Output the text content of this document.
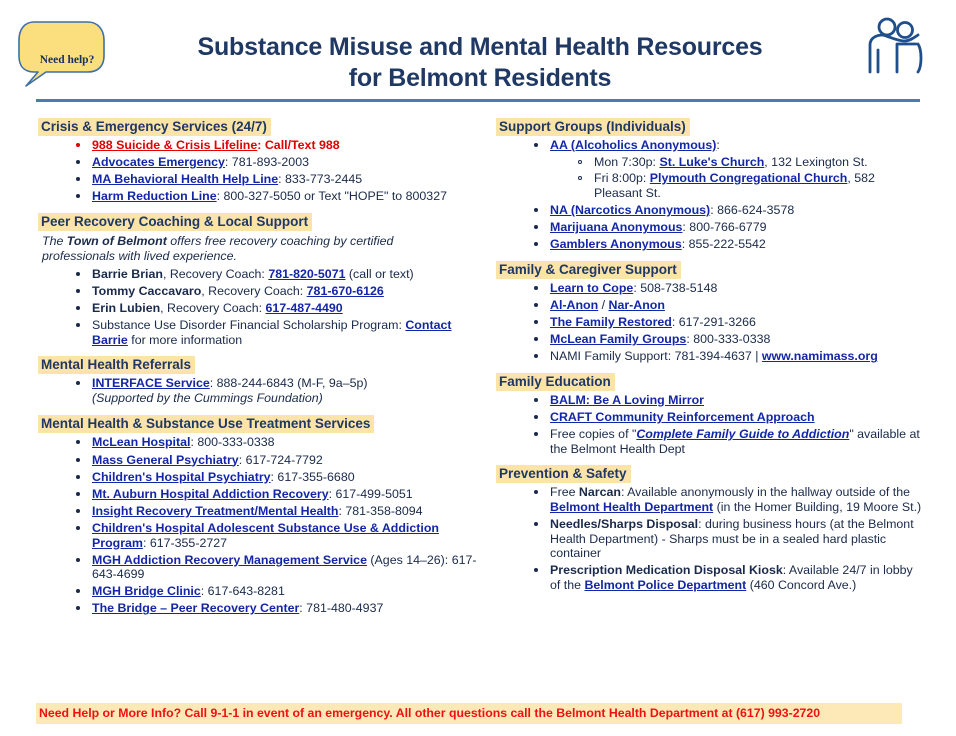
Need help?	Substance Misuse and Mental Health Resources
for Belmont Residents
Crisis & Emergency Services (24/7)
988 Suicide & Crisis Lifeline: Call/Text 988
Advocates Emergency: 781-893-2003
MA Behavioral Health Help Line: 833-773-2445
Harm Reduction Line: 800-327-5050 or Text "HOPE" to 800327
Peer Recovery Coaching & Local Support
The Town of Belmont offers free recovery coaching by certified professionals with lived experience.
Barrie Brian, Recovery Coach: 781-820-5071 (call or text)
Tommy Caccavaro, Recovery Coach: 781-670-6126
Erin Lubien, Recovery Coach: 617-487-4490
Substance Use Disorder Financial Scholarship Program: Contact Barrie for more information
Mental Health Referrals
INTERFACE Service: 888-244-6843 (M-F, 9a–5p)
(Supported by the Cummings Foundation)
Mental Health & Substance Use Treatment Services
McLean Hospital: 800-333-0338
Mass General Psychiatry: 617-724-7792
Children's Hospital Psychiatry: 617-355-6680
Mt. Auburn Hospital Addiction Recovery: 617-499-5051
Insight Recovery Treatment/Mental Health: 781-358-8094
Children's Hospital Adolescent Substance Use & Addiction Program: 617-355-2727
MGH Addiction Recovery Management Service (Ages 14–26): 617-643-4699
MGH Bridge Clinic: 617-643-8281
The Bridge – Peer Recovery Center: 781-480-4937
Support Groups (Individuals)
AA (Alcoholics Anonymous):
Mon 7:30p: St. Luke's Church, 132 Lexington St.
Fri 8:00p: Plymouth Congregational Church, 582 Pleasant St.
NA (Narcotics Anonymous): 866-624-3578
Marijuana Anonymous: 800-766-6779
Gamblers Anonymous: 855-222-5542
Family & Caregiver Support
Learn to Cope: 508-738-5148
Al-Anon / Nar-Anon
The Family Restored: 617-291-3266
McLean Family Groups: 800-333-0338
NAMI Family Support: 781-394-4637 | www.namimass.org
Family Education
BALM: Be A Loving Mirror
CRAFT Community Reinforcement Approach
Free copies of "Complete Family Guide to Addiction" available at the Belmont Health Dept
Prevention & Safety
Free Narcan: Available anonymously in the hallway outside of the Belmont Health Department (in the Homer Building, 19 Moore St.)
Needles/Sharps Disposal: during business hours (at the Belmont Health Department) - Sharps must be in a sealed hard plastic container
Prescription Medication Disposal Kiosk: Available 24/7 in lobby of the Belmont Police Department (460 Concord Ave.)
Need Help or More Info? Call 9-1-1 in event of an emergency. All other questions call the Belmont Health Department at (617) 993-2720
